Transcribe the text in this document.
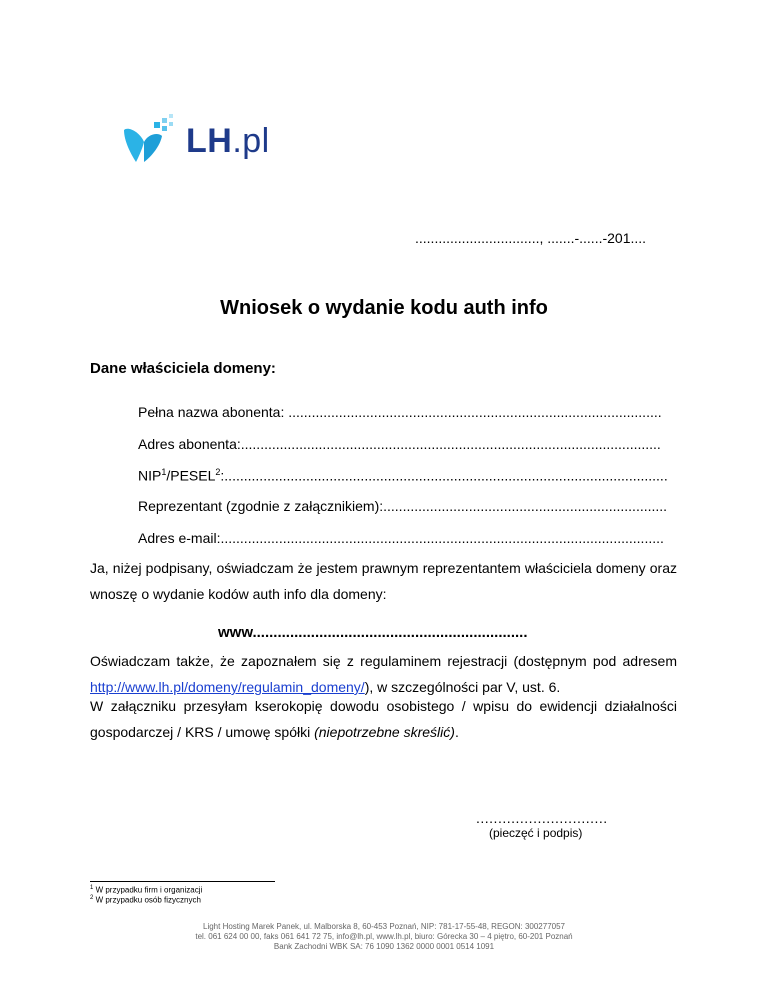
LH.pl
................................, .......-......-201....
Wniosek o wydanie kodu auth info
Dane właściciela domeny:
Pełna nazwa abonenta: ................................................................................................
Adres abonenta:............................................................................................................
NIP$^1$/PESEL$^2$:..................................................................................................................
Reprezentant (zgodnie z załącznikiem):.........................................................................
Adres e-mail:..................................................................................................................
Ja, niżej podpisany, oświadczam że jestem prawnym reprezentantem właściciela domeny oraz wnoszę o wydanie kodów auth info dla domeny:
www..................................................................
Oświadczam także, że zapoznałem się z regulaminem rejestracji (dostępnym pod adresem http://www.lh.pl/domeny/regulamin_domeny/), w szczególności par V, ust. 6.
W załączniku przesyłam kserokopię dowodu osobistego / wpisu do ewidencji działalności gospodarczej / KRS / umowę spółki (niepotrzebne skreślić).
..............................
(pieczęć i podpis)
$^1$ W przypadku firm i organizacji
$^2$ W przypadku osób fizycznych
Light Hosting Marek Panek, ul. Malborska 8, 60-453 Poznań, NIP: 781-17-55-48, REGON: 300277057
tel. 061 624 00 00, faks 061 641 72 75, info@lh.pl, www.lh.pl, biuro: Górecka 30 – 4 piętro, 60-201 Poznań
Bank Zachodni WBK SA: 76 1090 1362 0000 0001 0514 1091
